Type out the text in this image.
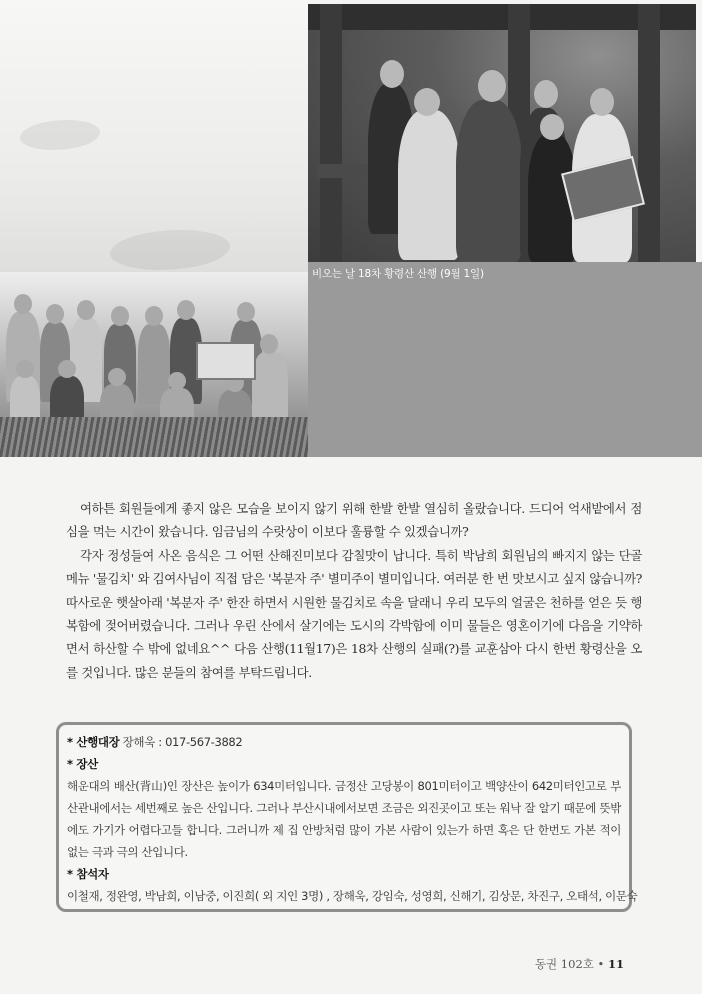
비오는 날 18차 황령산 산행 (9월 1일)

여하튼 회원들에게 좋지 않은 모습을 보이지 않기 위해 한발 한발 열심히 올랐습니다. 드디어 억새밭에서 점심을 먹는 시간이 왔습니다. 임금님의 수랏상이 이보다 훌륭할 수 있겠습니까?

각자 정성들여 사온 음식은 그 어떤 산해진미보다 감칠맛이 납니다. 특히 박남희 회원님의 빠지지 않는 단골 메뉴 '물김치' 와 김여사님이 직접 담은 '복분자 주' 별미주이 별미입니다. 여러분 한 번 맛보시고 싶지 않습니까? 따사로운 햇살아래 '복분자 주' 한잔 하면서 시원한 물김치로 속을 달래니 우리 모두의 얼굴은 천하를 얻은 듯 행복함에 젖어버렸습니다. 그러나 우린 산에서 살기에는 도시의 각박함에 이미 물들은 영혼이기에 다음을 기약하면서 하산할 수 밖에 없네요^^ 다음 산행(11월17)은 18차 산행의 실패(?)를 교훈삼아 다시 한번 황령산을 오를 것입니다. 많은 분들의 참여를 부탁드립니다.

* 산행대장 장해욱 : 017-567-3882
* 장산
해운대의 배산(背山)인 장산은 높이가 634미터입니다. 금정산 고당봉이 801미터이고 백양산이 642미터인고로 부산관내에서는 세번째로 높은 산입니다. 그러나 부산시내에서보면 조금은 외진곳이고 또는 워낙 잘 알기 때문에 뜻밖에도 가기가 어렵다고들 합니다. 그러니까 제 집 안방처럼 많이 가본 사람이 있는가 하면 혹은 단 한번도 가본 적이 없는 극과 극의 산입니다.
* 참석자
이철재, 정완영, 박남희, 이남중, 이진희( 외 지인 3명) , 장해욱, 강임숙, 성영희, 신해기, 김상문, 차진구, 오태석, 이문숙
동권 102호 • 11
